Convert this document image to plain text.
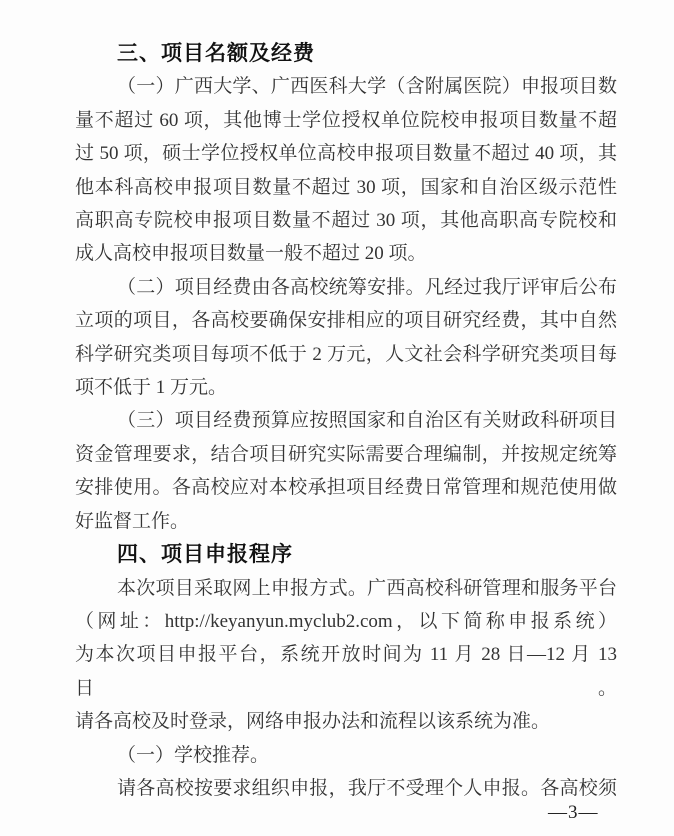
三、项目名额及经费
（一）广西大学、广西医科大学（含附属医院）申报项目数
量不超过 60 项，其他博士学位授权单位院校申报项目数量不超
过 50 项，硕士学位授权单位高校申报项目数量不超过 40 项，其
他本科高校申报项目数量不超过 30 项，国家和自治区级示范性
高职高专院校申报项目数量不超过 30 项，其他高职高专院校和
成人高校申报项目数量一般不超过 20 项。
（二）项目经费由各高校统筹安排。凡经过我厅评审后公布
立项的项目，各高校要确保安排相应的项目研究经费，其中自然
科学研究类项目每项不低于 2 万元，人文社会科学研究类项目每
项不低于 1 万元。
（三）项目经费预算应按照国家和自治区有关财政科研项目
资金管理要求，结合项目研究实际需要合理编制，并按规定统筹
安排使用。各高校应对本校承担项目经费日常管理和规范使用做
好监督工作。
四、项目申报程序
本次项目采取网上申报方式。广西高校科研管理和服务平台
（网址：http://keyanyun.myclub2.com，以下简称申报系统）
为本次项目申报平台，系统开放时间为 11 月 28 日—12 月 13 日。
请各高校及时登录，网络申报办法和流程以该系统为准。
（一）学校推荐。
请各高校按要求组织申报，我厅不受理个人申报。各高校须
—3—
